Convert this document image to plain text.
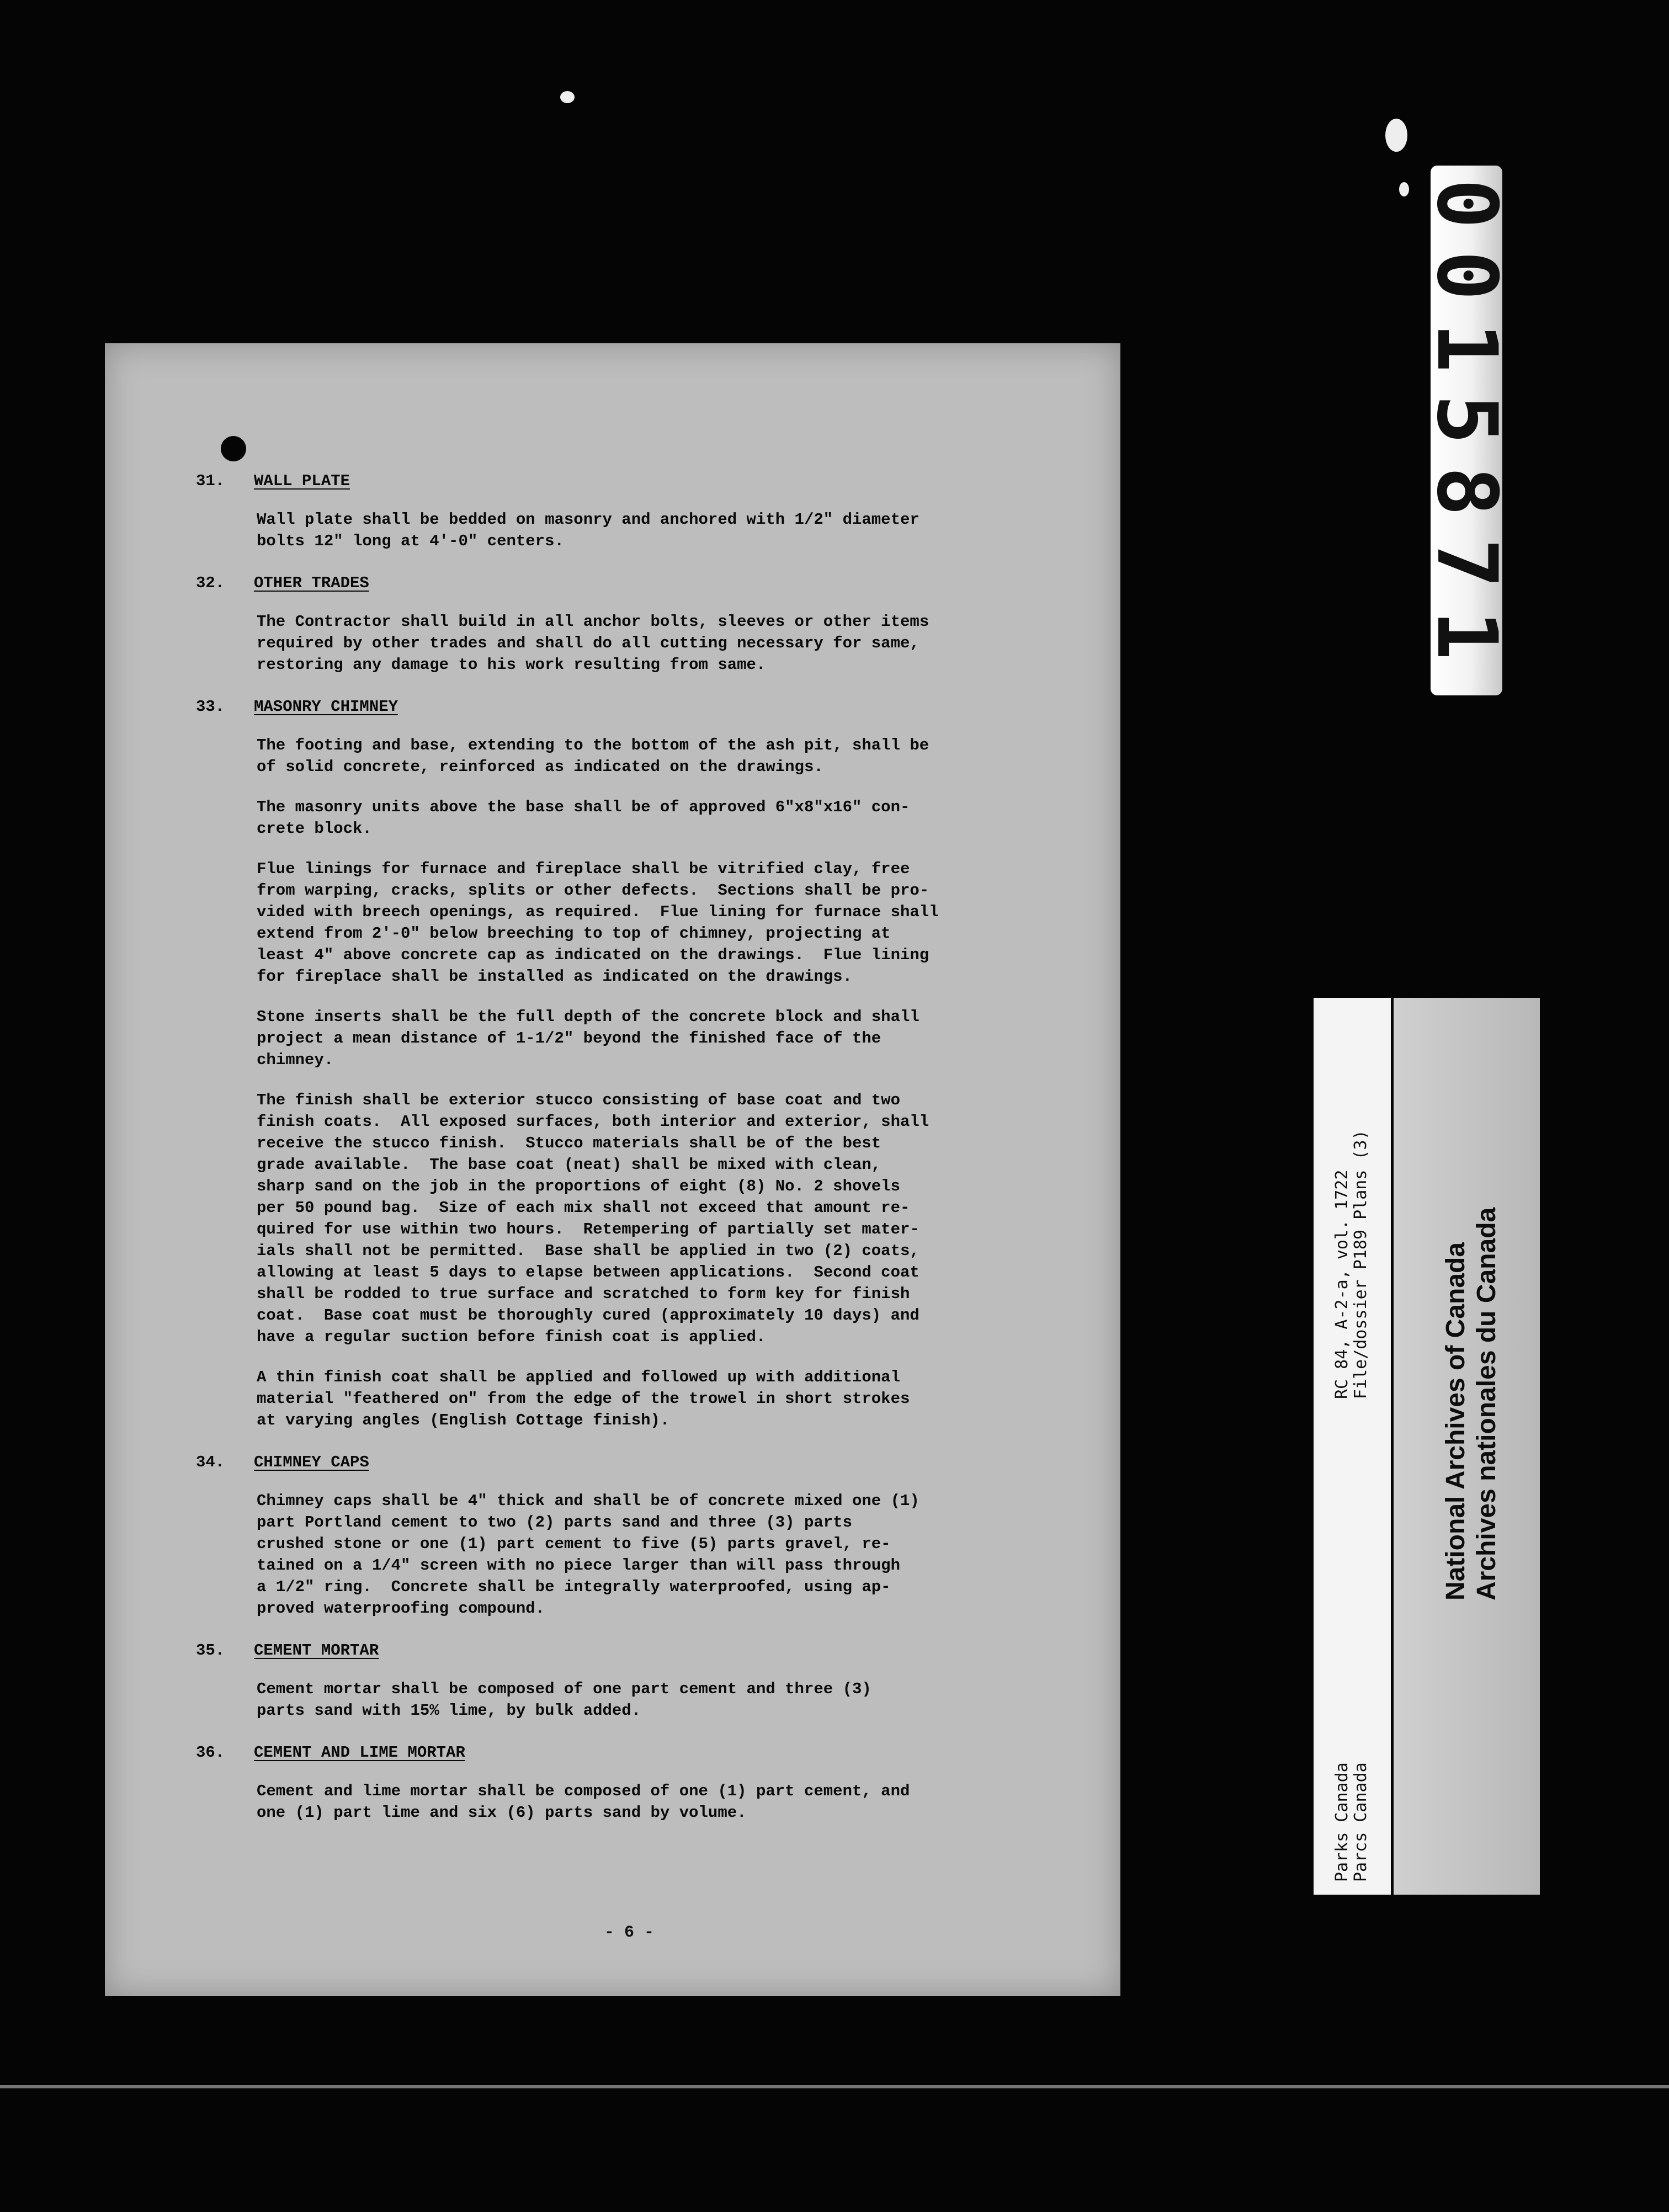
31.	WALL PLATE
Wall plate shall be bedded on masonry and anchored with 1/2" diameter
bolts 12" long at 4'-0" centers.
32.	OTHER TRADES
The Contractor shall build in all anchor bolts, sleeves or other items
required by other trades and shall do all cutting necessary for same,
restoring any damage to his work resulting from same.
33.	MASONRY CHIMNEY
The footing and base, extending to the bottom of the ash pit, shall be
of solid concrete, reinforced as indicated on the drawings.
The masonry units above the base shall be of approved 6"x8"x16" con-
crete block.
Flue linings for furnace and fireplace shall be vitrified clay, free
from warping, cracks, splits or other defects.  Sections shall be pro-
vided with breech openings, as required.  Flue lining for furnace shall
extend from 2'-0" below breeching to top of chimney, projecting at
least 4" above concrete cap as indicated on the drawings.  Flue lining
for fireplace shall be installed as indicated on the drawings.
Stone inserts shall be the full depth of the concrete block and shall
project a mean distance of 1-1/2" beyond the finished face of the
chimney.
The finish shall be exterior stucco consisting of base coat and two
finish coats.  All exposed surfaces, both interior and exterior, shall
receive the stucco finish.  Stucco materials shall be of the best
grade available.  The base coat (neat) shall be mixed with clean,
sharp sand on the job in the proportions of eight (8) No. 2 shovels
per 50 pound bag.  Size of each mix shall not exceed that amount re-
quired for use within two hours.  Retempering of partially set mater-
ials shall not be permitted.  Base shall be applied in two (2) coats,
allowing at least 5 days to elapse between applications.  Second coat
shall be rodded to true surface and scratched to form key for finish
coat.  Base coat must be thoroughly cured (approximately 10 days) and
have a regular suction before finish coat is applied.
A thin finish coat shall be applied and followed up with additional
material "feathered on" from the edge of the trowel in short strokes
at varying angles (English Cottage finish).
34.	CHIMNEY CAPS
Chimney caps shall be 4" thick and shall be of concrete mixed one (1)
part Portland cement to two (2) parts sand and three (3) parts
crushed stone or one (1) part cement to five (5) parts gravel, re-
tained on a 1/4" screen with no piece larger than will pass through
a 1/2" ring.  Concrete shall be integrally waterproofed, using ap-
proved waterproofing compound.
35.	CEMENT MORTAR
Cement mortar shall be composed of one part cement and three (3)
parts sand with 15% lime, by bulk added.
36.	CEMENT AND LIME MORTAR
Cement and lime mortar shall be composed of one (1) part cement, and
one (1) part lime and six (6) parts sand by volume.
- 6 -
0015871
RC 84, A-2-a, vol. 1722 File/dossier P189 Plans (3)
Parks Canada Parcs Canada
National Archives of Canada Archives nationales du Canada
